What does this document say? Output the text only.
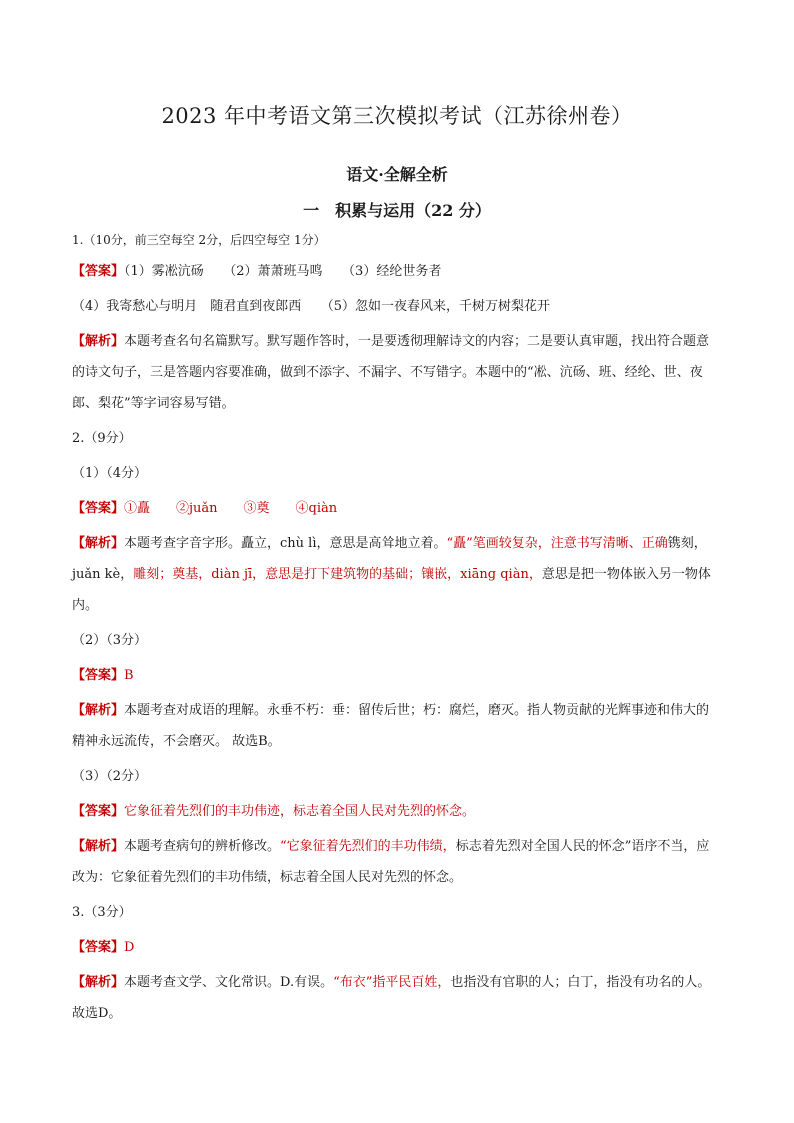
2023 年中考语文第三次模拟考试（江苏徐州卷）
语文·全解全析
一　积累与运用（22 分）

1.（10分，前三空每空 2分，后四空每空 1分）

【答案】（1）雾凇沆砀　　（2）萧萧班马鸣　　（3）经纶世务者

（4）我寄愁心与明月　随君直到夜郎西　　（5）忽如一夜春风来，千树万树梨花开

【解析】本题考查名句名篇默写。默写题作答时，一是要透彻理解诗文的内容；二是要认真审题，找出符合题意的诗文句子，三是答题内容要准确，做到不添字、不漏字、不写错字。本题中的“凇、沆砀、班、经纶、世、夜郎、梨花”等字词容易写错。

2.（9分）

（1）（4分）

【答案】①矗　　②juǎn　　③奠　　④qiàn

【解析】本题考查字音字形。矗立，chù lì，意思是高耸地立着。“矗”笔画较复杂，注意书写清晰、正确镌刻，juǎn kè，雕刻；奠基，diàn jī，意思是打下建筑物的基础；镶嵌，xiāng qiàn，意思是把一物体嵌入另一物体内。

（2）（3分）

【答案】B

【解析】本题考查对成语的理解。永垂不朽：垂：留传后世；朽：腐烂，磨灭。指人物贡献的光辉事迹和伟大的精神永远流传，不会磨灭。 故选B。

（3）（2分）

【答案】它象征着先烈们的丰功伟迹，标志着全国人民对先烈的怀念。

【解析】本题考查病句的辨析修改。“它象征着先烈们的丰功伟绩，标志着先烈对全国人民的怀念”语序不当，应改为：它象征着先烈们的丰功伟绩，标志着全国人民对先烈的怀念。

3.（3分）

【答案】D

【解析】本题考查文学、文化常识。D.有误。“布衣”指平民百姓，也指没有官职的人；白丁，指没有功名的人。故选D。
